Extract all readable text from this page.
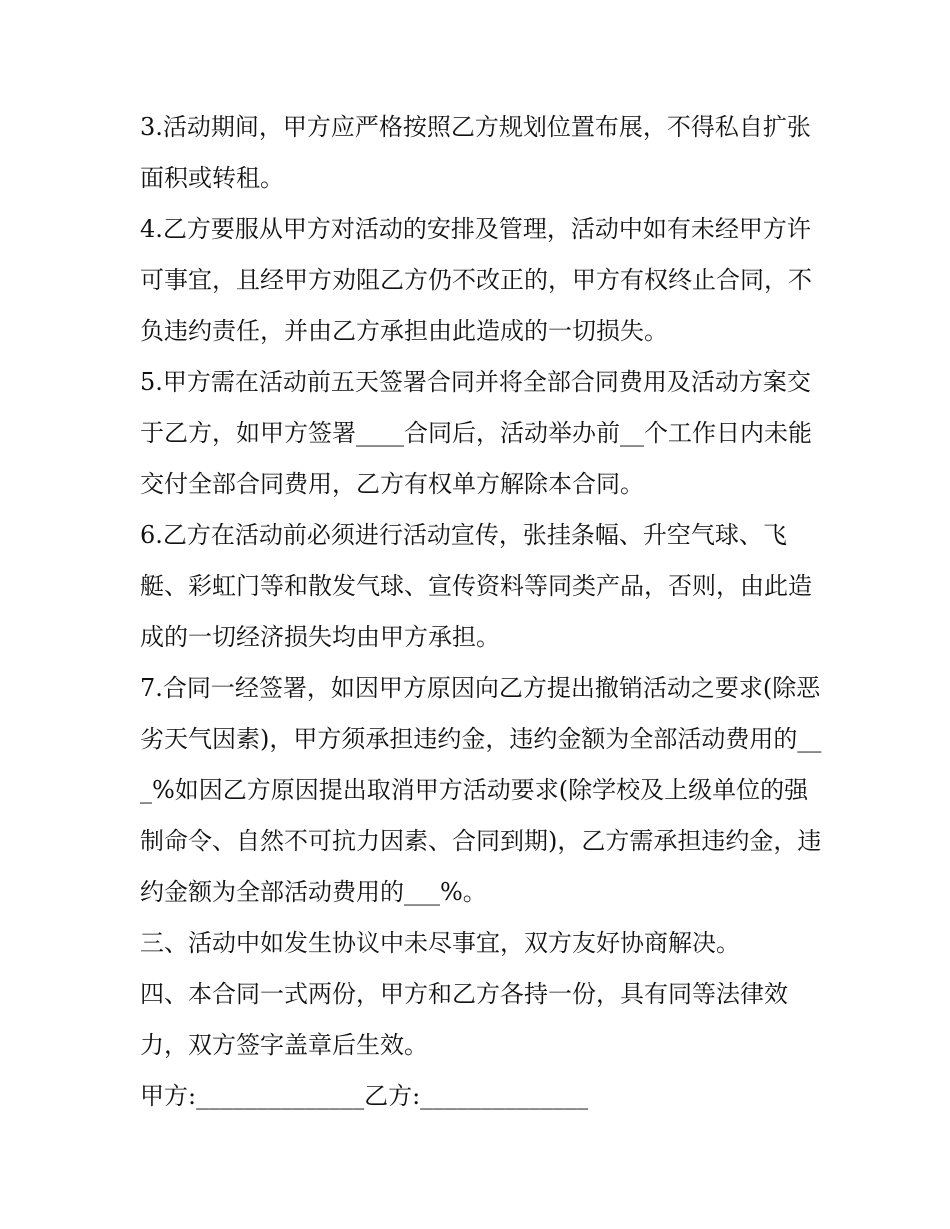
3.活动期间，甲方应严格按照乙方规划位置布展，不得私自扩张面积或转租。

4.乙方要服从甲方对活动的安排及管理，活动中如有未经甲方许可事宜，且经甲方劝阻乙方仍不改正的，甲方有权终止合同，不负违约责任，并由乙方承担由此造成的一切损失。

5.甲方需在活动前五天签署合同并将全部合同费用及活动方案交于乙方，如甲方签署____合同后，活动举办前__个工作日内未能交付全部合同费用，乙方有权单方解除本合同。

6.乙方在活动前必须进行活动宣传，张挂条幅、升空气球、飞艇、彩虹门等和散发气球、宣传资料等同类产品，否则，由此造成的一切经济损失均由甲方承担。

7.合同一经签署，如因甲方原因向乙方提出撤销活动之要求(除恶劣天气因素)，甲方须承担违约金，违约金额为全部活动费用的___%如因乙方原因提出取消甲方活动要求(除学校及上级单位的强制命令、自然不可抗力因素、合同到期)，乙方需承担违约金，违约金额为全部活动费用的___%。

三、活动中如发生协议中未尽事宜，双方友好协商解决。

四、本合同一式两份，甲方和乙方各持一份，具有同等法律效力，双方签字盖章后生效。

甲方:______________乙方:______________
